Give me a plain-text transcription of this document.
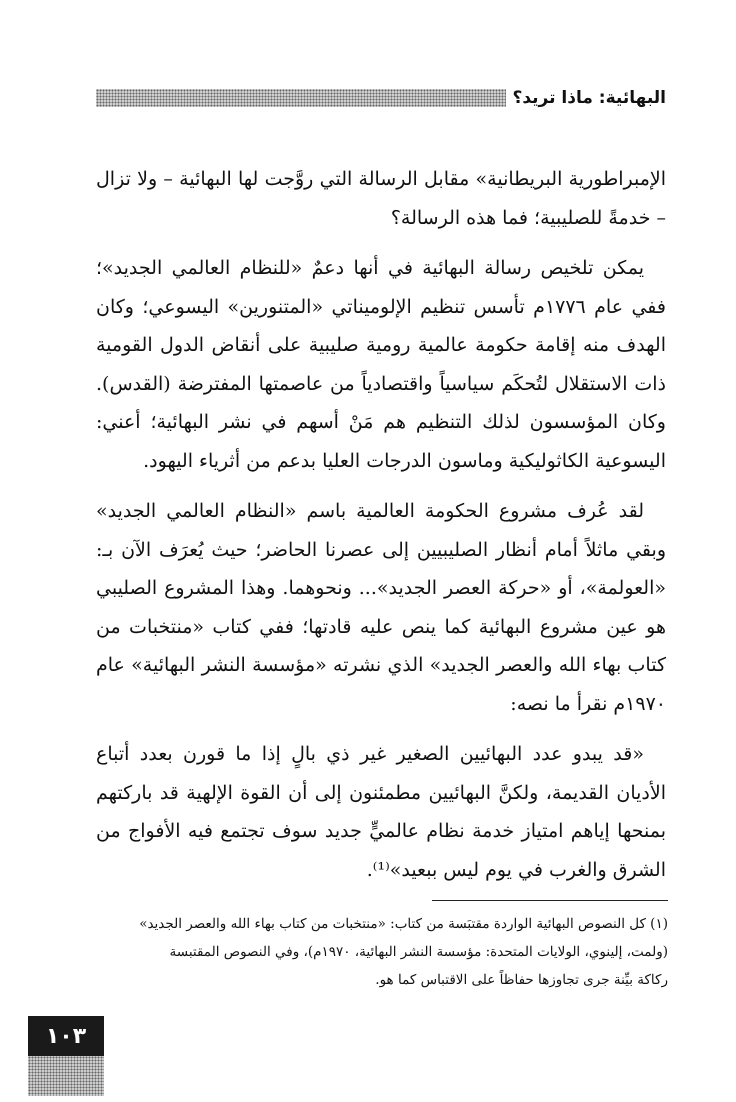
البهائية: ماذا تريد؟

الإمبراطورية البريطانية» مقابل الرسالة التي روَّجت لها البهائية – ولا تزال – خدمةً للصليبية؛ فما هذه الرسالة؟

يمكن تلخيص رسالة البهائية في أنها دعمٌ «للنظام العالمي الجديد»؛ ففي عام ١٧٧٦م تأسس تنظيم الإلوميناتي «المتنورين» اليسوعي؛ وكان الهدف منه إقامة حكومة عالمية رومية صليبية على أنقاض الدول القومية ذات الاستقلال لتُحكَم سياسياً واقتصادياً من عاصمتها المفترضة (القدس). وكان المؤسسون لذلك التنظيم هم مَنْ أسهم في نشر البهائية؛ أعني: اليسوعية الكاثوليكية وماسون الدرجات العليا بدعم من أثرياء اليهود.

لقد عُرف مشروع الحكومة العالمية باسم «النظام العالمي الجديد» وبقي ماثلاً أمام أنظار الصليبيين إلى عصرنا الحاضر؛ حيث يُعرَف الآن بـ: «العولمة»، أو «حركة العصر الجديد»... ونحوهما. وهذا المشروع الصليبي هو عين مشروع البهائية كما ينص عليه قادتها؛ ففي كتاب «منتخبات من كتاب بهاء الله والعصر الجديد» الذي نشرته «مؤسسة النشر البهائية» عام ١٩٧٠م نقرأ ما نصه:

«قد يبدو عدد البهائيين الصغير غير ذي بالٍ إذا ما قورن بعدد أتباع الأديان القديمة، ولكنَّ البهائيين مطمئنون إلى أن القوة الإلهية قد باركتهم بمنحها إياهم امتياز خدمة نظام عالميٍّ جديد سوف تجتمع فيه الأفواج من الشرق والغرب في يوم ليس ببعيد»⁽¹⁾.

(١) كل النصوص البهائية الواردة مقتبَسة من كتاب: «منتخبات من كتاب بهاء الله والعصر الجديد»

(ولمت، إلينوي، الولايات المتحدة: مؤسسة النشر البهائية، ١٩٧٠م)، وفي النصوص المقتبسة

ركاكة بيِّنة جرى تجاوزها حفاظاً على الاقتباس كما هو.

١٠٣
